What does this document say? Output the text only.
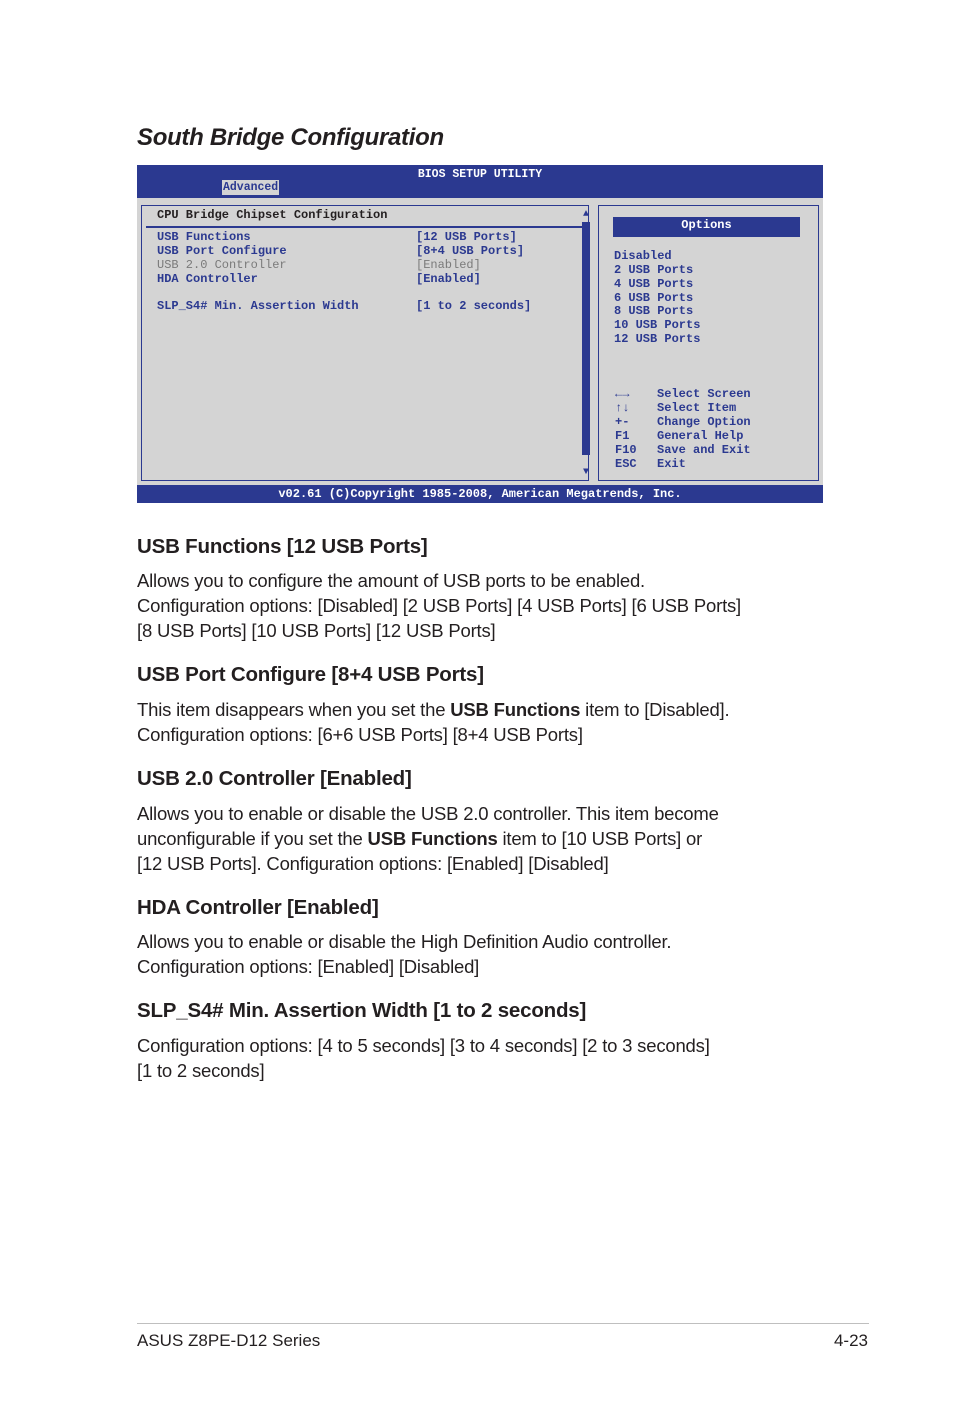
South Bridge Configuration
BIOS SETUP UTILITY
Advanced
CPU Bridge Chipset Configuration
USB Functions	[12 USB Ports]
USB Port Configure	[8+4 USB Ports]
USB 2.0 Controller	[Enabled]
HDA Controller	[Enabled]
SLP_S4# Min. Assertion Width	[1 to 2 seconds]
▲
▼
Options
Disabled
2 USB Ports
4 USB Ports
6 USB Ports
8 USB Ports
10 USB Ports
12 USB Ports
←→ Select Screen
↑↓ Select Item
+- Change Option
F1 General Help
F10 Save and Exit
ESC Exit
v02.61 (C)Copyright 1985-2008, American Megatrends, Inc.
USB Functions [12 USB Ports]

Allows you to configure the amount of USB ports to be enabled.

Configuration options: [Disabled] [2 USB Ports] [4 USB Ports] [6 USB Ports]

[8 USB Ports] [10 USB Ports] [12 USB Ports]

USB Port Configure [8+4 USB Ports]

This item disappears when you set the USB Functions item to [Disabled].

Configuration options: [6+6 USB Ports] [8+4 USB Ports]

USB 2.0 Controller [Enabled]

Allows you to enable or disable the USB 2.0 controller. This item become

unconfigurable if you set the USB Functions item to [10 USB Ports] or

[12 USB Ports]. Configuration options: [Enabled] [Disabled]

HDA Controller [Enabled]

Allows you to enable or disable the High Definition Audio controller.

Configuration options: [Enabled] [Disabled]

SLP_S4# Min. Assertion Width [1 to 2 seconds]

Configuration options: [4 to 5 seconds] [3 to 4 seconds] [2 to 3 seconds]

[1 to 2 seconds]

ASUS Z8PE-D12 Series	4-23
